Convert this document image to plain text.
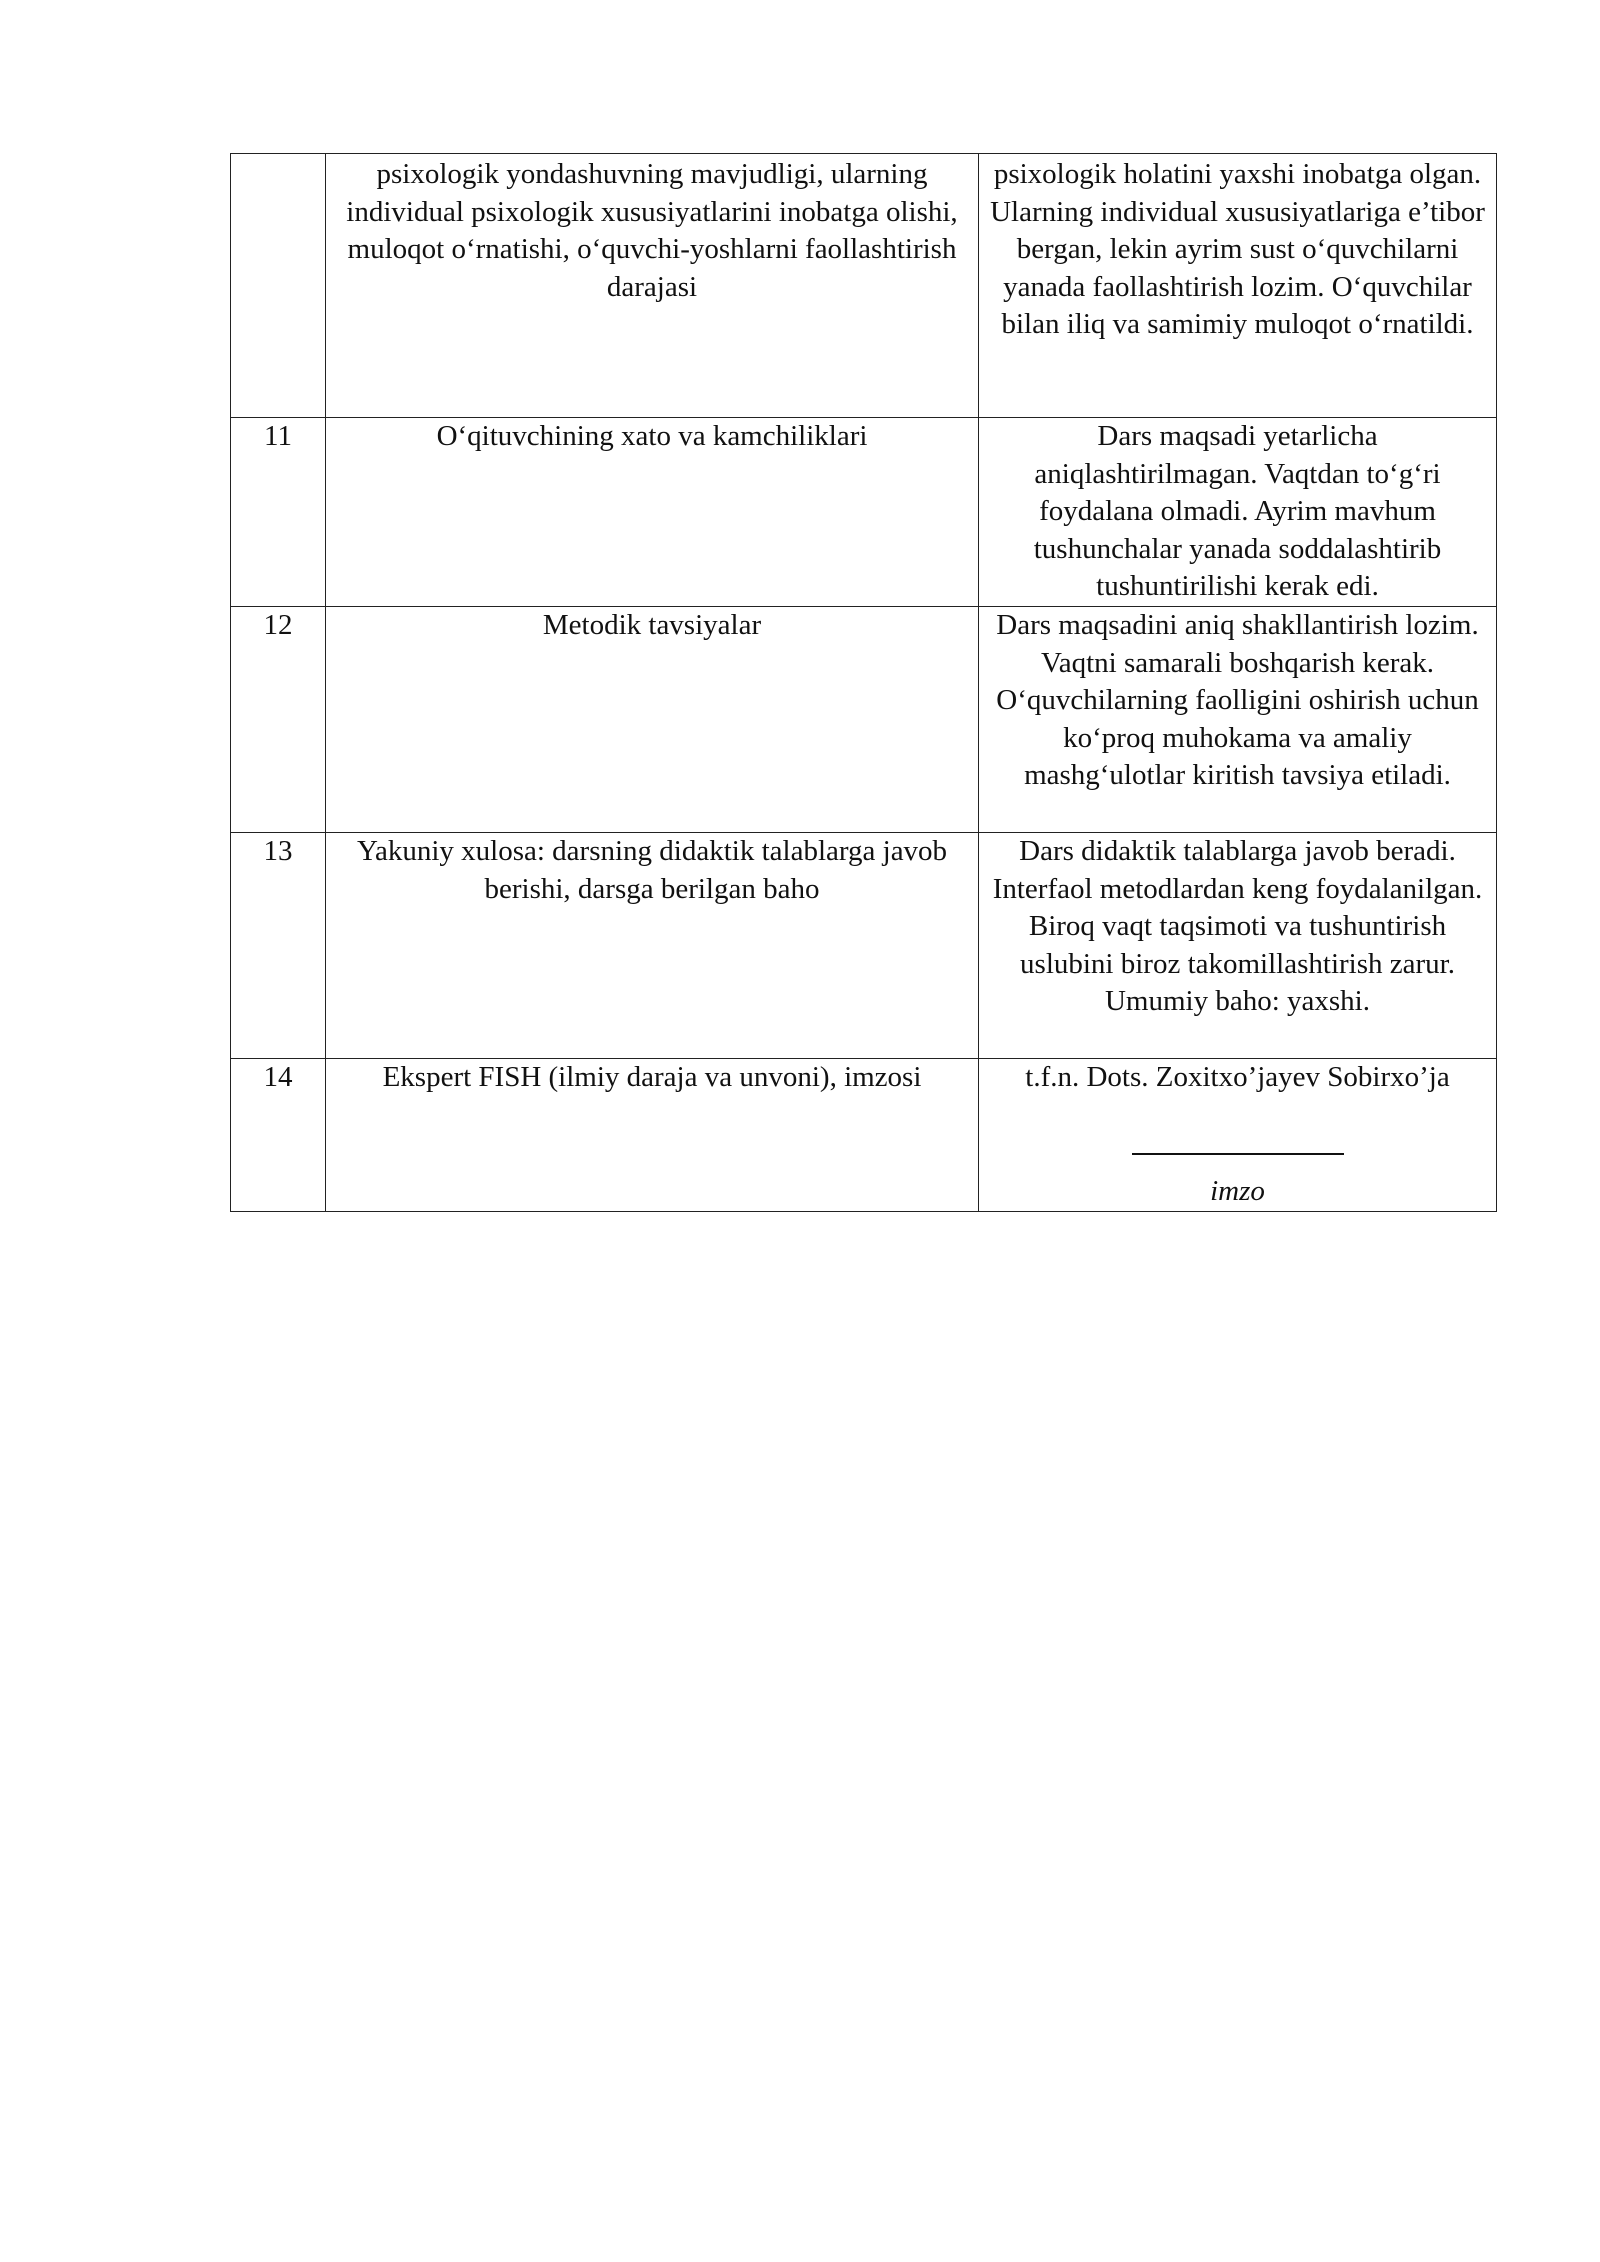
	psixologik yondashuvning mavjudligi, ularning individual psixologik xususiyatlarini inobatga olishi, muloqot o‘rnatishi, o‘quvchi-yoshlarni faollashtirish darajasi	psixologik holatini yaxshi inobatga olgan. Ularning individual xususiyatlariga e’tibor bergan, lekin ayrim sust o‘quvchilarni yanada faollashtirish lozim. O‘quvchilar bilan iliq va samimiy muloqot o‘rnatildi.
11	O‘qituvchining xato va kamchiliklari	Dars maqsadi yetarlicha aniqlashtirilmagan. Vaqtdan to‘g‘ri foydalana olmadi. Ayrim mavhum tushunchalar yanada soddalashtirib tushuntirilishi kerak edi.
12	Metodik tavsiyalar	Dars maqsadini aniq shakllantirish lozim. Vaqtni samarali boshqarish kerak. O‘quvchilarning faolligini oshirish uchun ko‘proq muhokama va amaliy mashg‘ulotlar kiritish tavsiya etiladi.
13	Yakuniy xulosa: darsning didaktik talablarga javob berishi, darsga berilgan baho	Dars didaktik talablarga javob beradi. Interfaol metodlardan keng foydalanilgan. Biroq vaqt taqsimoti va tushuntirish uslubini biroz takomillashtirish zarur. Umumiy baho: yaxshi.
14	Ekspert FISH (ilmiy daraja va unvoni), imzosi	t.f.n. Dots. Zoxitxo’jayev Sobirxo’ja
imzo
